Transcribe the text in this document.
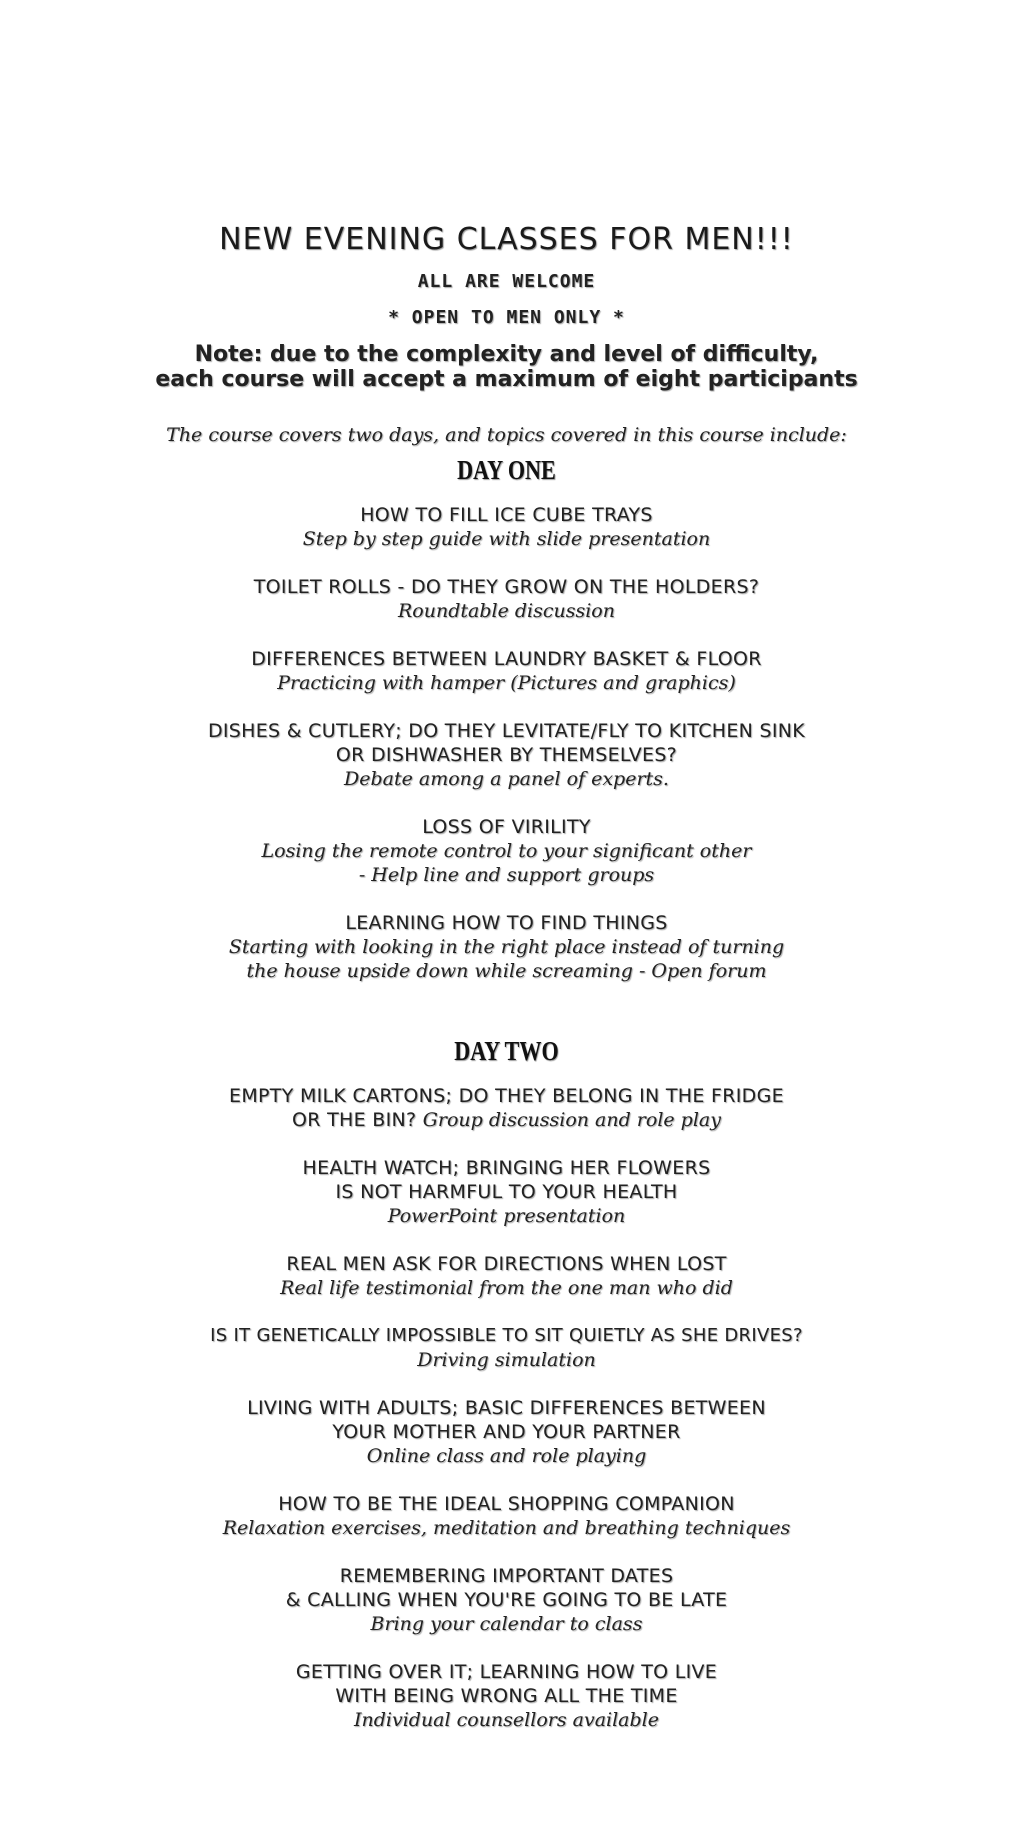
NEW EVENING CLASSES FOR MEN!!!
ALL ARE WELCOME
* OPEN TO MEN ONLY *
Note: due to the complexity and level of difficulty,
each course will accept a maximum of eight participants
The course covers two days, and topics covered in this course include:
DAY ONE
HOW TO FILL ICE CUBE TRAYS
Step by step guide with slide presentation
TOILET ROLLS - DO THEY GROW ON THE HOLDERS?
Roundtable discussion
DIFFERENCES BETWEEN LAUNDRY BASKET & FLOOR
Practicing with hamper (Pictures and graphics)
DISHES & CUTLERY; DO THEY LEVITATE/FLY TO KITCHEN SINK
OR DISHWASHER BY THEMSELVES?
Debate among a panel of experts.
LOSS OF VIRILITY
Losing the remote control to your significant other
- Help line and support groups
LEARNING HOW TO FIND THINGS
Starting with looking in the right place instead of turning
the house upside down while screaming - Open forum
DAY TWO
EMPTY MILK CARTONS; DO THEY BELONG IN THE FRIDGE
OR THE BIN? Group discussion and role play
HEALTH WATCH; BRINGING HER FLOWERS
IS NOT HARMFUL TO YOUR HEALTH
PowerPoint presentation
REAL MEN ASK FOR DIRECTIONS WHEN LOST
Real life testimonial from the one man who did
IS IT GENETICALLY IMPOSSIBLE TO SIT QUIETLY AS SHE DRIVES?
Driving simulation
LIVING WITH ADULTS; BASIC DIFFERENCES BETWEEN
YOUR MOTHER AND YOUR PARTNER
Online class and role playing
HOW TO BE THE IDEAL SHOPPING COMPANION
Relaxation exercises, meditation and breathing techniques
REMEMBERING IMPORTANT DATES
& CALLING WHEN YOU'RE GOING TO BE LATE
Bring your calendar to class
GETTING OVER IT; LEARNING HOW TO LIVE
WITH BEING WRONG ALL THE TIME
Individual counsellors available
